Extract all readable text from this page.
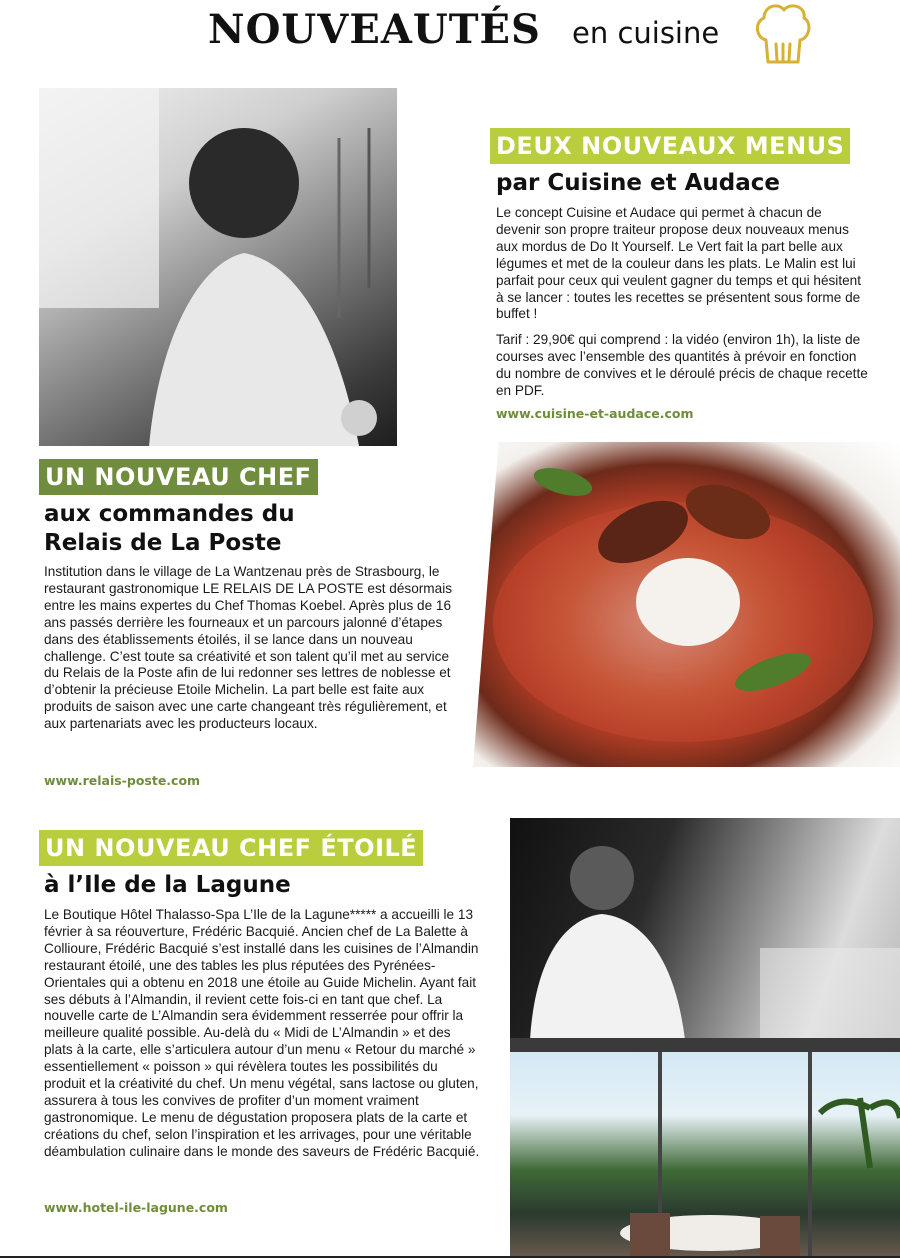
NOUVEAUTÉS en cuisine
DEUX NOUVEAUX MENUS
par Cuisine et Audace

Le concept Cuisine et Audace qui permet à chacun de devenir son propre traiteur propose deux nouveaux menus aux mordus de Do It Yourself. Le Vert fait la part belle aux légumes et met de la couleur dans les plats. Le Malin est lui parfait pour ceux qui veulent gagner du temps et qui hésitent à se lancer : toutes les recettes se présentent sous forme de buffet !

Tarif : 29,90€ qui comprend : la vidéo (environ 1h), la liste de courses avec l’ensemble des quantités à prévoir en fonction du nombre de convives et le déroulé précis de chaque recette en PDF.

www.cuisine-et-audace.com
UN NOUVEAU CHEF
aux commandes du
Relais de La Poste

Institution dans le village de La Wantzenau près de Strasbourg, le restaurant gastronomique LE RELAIS DE LA POSTE est désormais entre les mains expertes du Chef Thomas Koebel. Après plus de 16 ans passés derrière les fourneaux et un parcours jalonné d’étapes dans des établissements étoilés, il se lance dans un nouveau challenge. C’est toute sa créativité et son talent qu’il met au service du Relais de la Poste afin de lui redonner ses lettres de noblesse et d’obtenir la précieuse Etoile Michelin. La part belle est faite aux produits de saison avec une carte changeant très régulièrement, et aux partenariats avec les producteurs locaux.

www.relais-poste.com
UN NOUVEAU CHEF ÉTOILÉ
à l’Ile de la Lagune

Le Boutique Hôtel Thalasso-Spa L’Ile de la Lagune***** a accueilli le 13 février à sa réouverture, Frédéric Bacquié. Ancien chef de La Balette à Collioure, Frédéric Bacquié s’est installé dans les cuisines de l’Almandin restaurant étoilé, une des tables les plus réputées des Pyrénées-Orientales qui a obtenu en 2018 une étoile au Guide Michelin. Ayant fait ses débuts à l’Almandin, il revient cette fois-ci en tant que chef. La nouvelle carte de L’Almandin sera évidemment resserrée pour offrir la meilleure qualité possible. Au-delà du « Midi de L’Almandin » et des plats à la carte, elle s’articulera autour d’un menu « Retour du marché » essentiellement « poisson » qui révèlera toutes les possibilités du produit et la créativité du chef. Un menu végétal, sans lactose ou gluten, assurera à tous les convives de profiter d’un moment vraiment gastronomique. Le menu de dégustation proposera plats de la carte et créations du chef, selon l’inspiration et les arrivages, pour une véritable déambulation culinaire dans le monde des saveurs de Frédéric Bacquié.

www.hotel-ile-lagune.com
